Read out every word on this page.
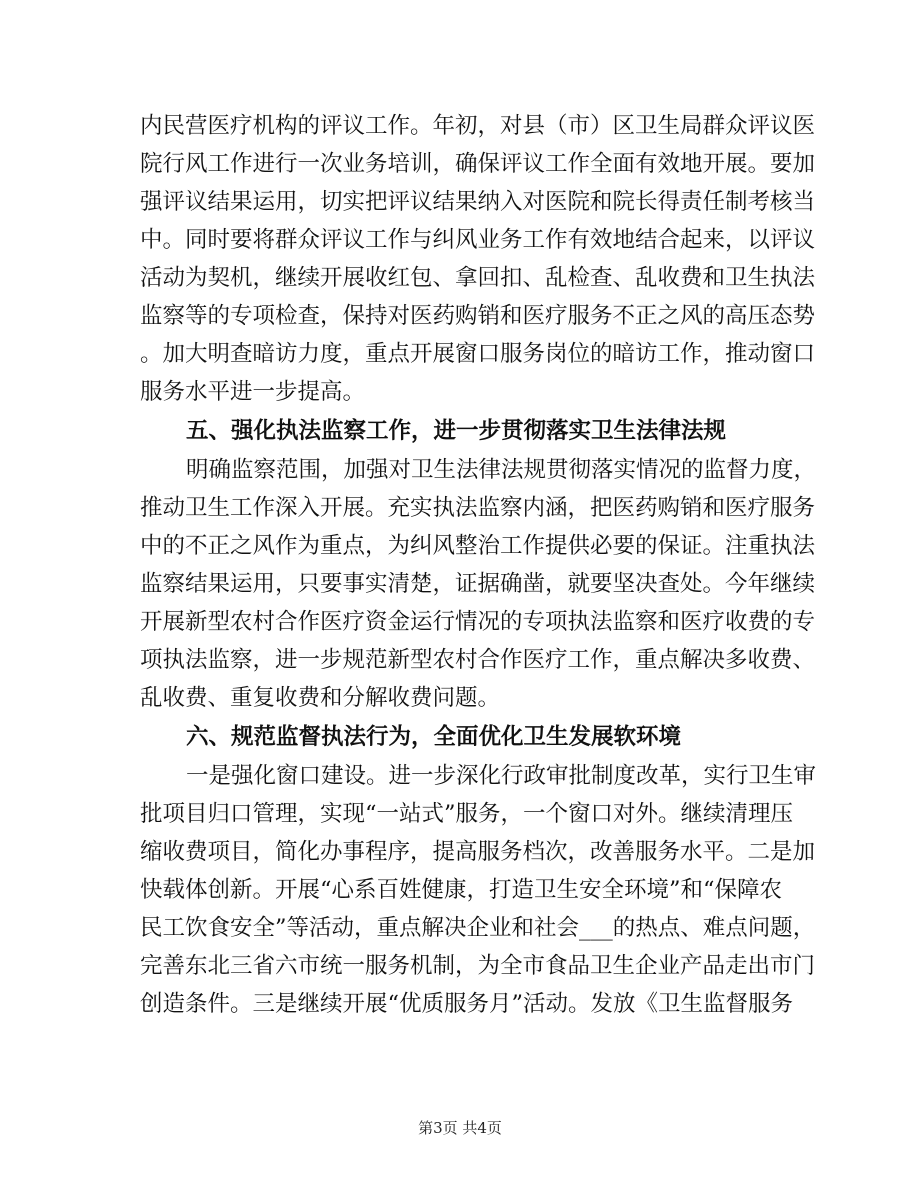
内民营医疗机构的评议工作。年初，对县（市）区卫生局群众评议医
院行风工作进行一次业务培训，确保评议工作全面有效地开展。要加
强评议结果运用，切实把评议结果纳入对医院和院长得责任制考核当
中。同时要将群众评议工作与纠风业务工作有效地结合起来，以评议
活动为契机，继续开展收红包、拿回扣、乱检查、乱收费和卫生执法
监察等的专项检查，保持对医药购销和医疗服务不正之风的高压态势
。加大明查暗访力度，重点开展窗口服务岗位的暗访工作，推动窗口
服务水平进一步提高。
五、强化执法监察工作，进一步贯彻落实卫生法律法规
明确监察范围，加强对卫生法律法规贯彻落实情况的监督力度，
推动卫生工作深入开展。充实执法监察内涵，把医药购销和医疗服务
中的不正之风作为重点，为纠风整治工作提供必要的保证。注重执法
监察结果运用，只要事实清楚，证据确凿，就要坚决查处。今年继续
开展新型农村合作医疗资金运行情况的专项执法监察和医疗收费的专
项执法监察，进一步规范新型农村合作医疗工作，重点解决多收费、
乱收费、重复收费和分解收费问题。
六、规范监督执法行为，全面优化卫生发展软环境
一是强化窗口建设。进一步深化行政审批制度改革，实行卫生审
批项目归口管理，实现“一站式”服务，一个窗口对外。继续清理压
缩收费项目，简化办事程序，提高服务档次，改善服务水平。二是加
快载体创新。开展“心系百姓健康，打造卫生安全环境”和“保障农
民工饮食安全”等活动，重点解决企业和社会___的热点、难点问题，
完善东北三省六市统一服务机制，为全市食品卫生企业产品走出市门
创造条件。三是继续开展“优质服务月”活动。发放《卫生监督服务
第3页 共4页
